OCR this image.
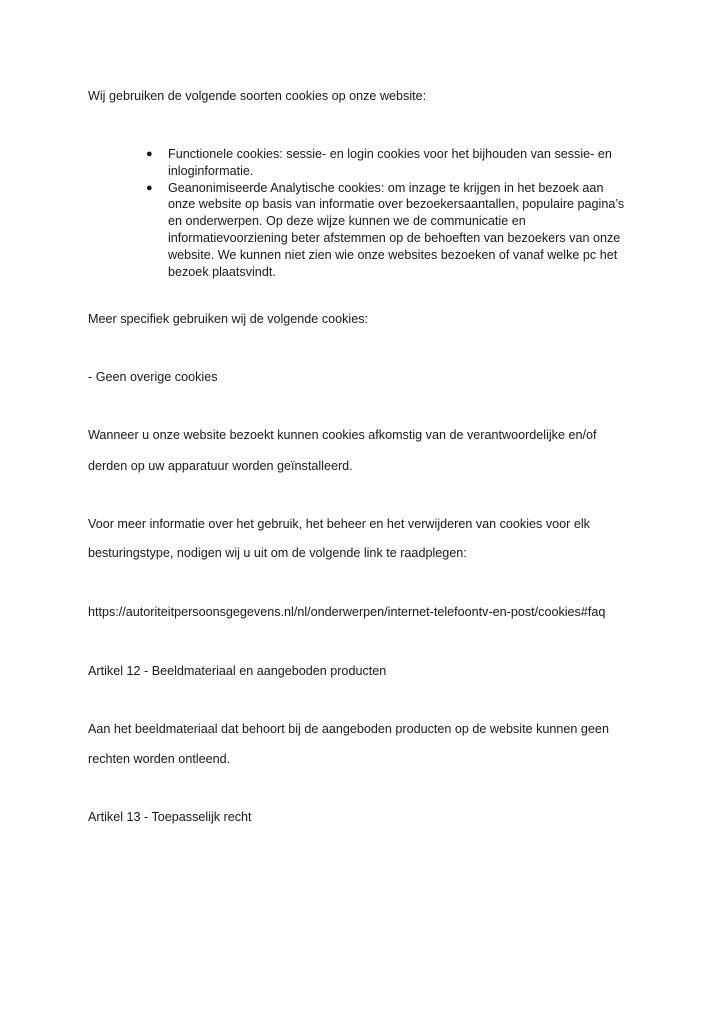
Wij gebruiken de volgende soorten cookies op onze website:
● Functionele cookies: sessie- en login cookies voor het bijhouden van sessie- en
inloginformatie.
● Geanonimiseerde Analytische cookies: om inzage te krijgen in het bezoek aan
onze website op basis van informatie over bezoekersaantallen, populaire pagina’s
en onderwerpen. Op deze wijze kunnen we de communicatie en
informatievoorziening beter afstemmen op de behoeften van bezoekers van onze
website. We kunnen niet zien wie onze websites bezoeken of vanaf welke pc het
bezoek plaatsvindt.
Meer specifiek gebruiken wij de volgende cookies:
- Geen overige cookies
Wanneer u onze website bezoekt kunnen cookies afkomstig van de verantwoordelijke en/of
derden op uw apparatuur worden geïnstalleerd.
Voor meer informatie over het gebruik, het beheer en het verwijderen van cookies voor elk
besturingstype, nodigen wij u uit om de volgende link te raadplegen:
https://autoriteitpersoonsgegevens.nl/nl/onderwerpen/internet-telefoontv-en-post/cookies#faq
Artikel 12 - Beeldmateriaal en aangeboden producten
Aan het beeldmateriaal dat behoort bij de aangeboden producten op de website kunnen geen
rechten worden ontleend.
Artikel 13 - Toepasselijk recht
